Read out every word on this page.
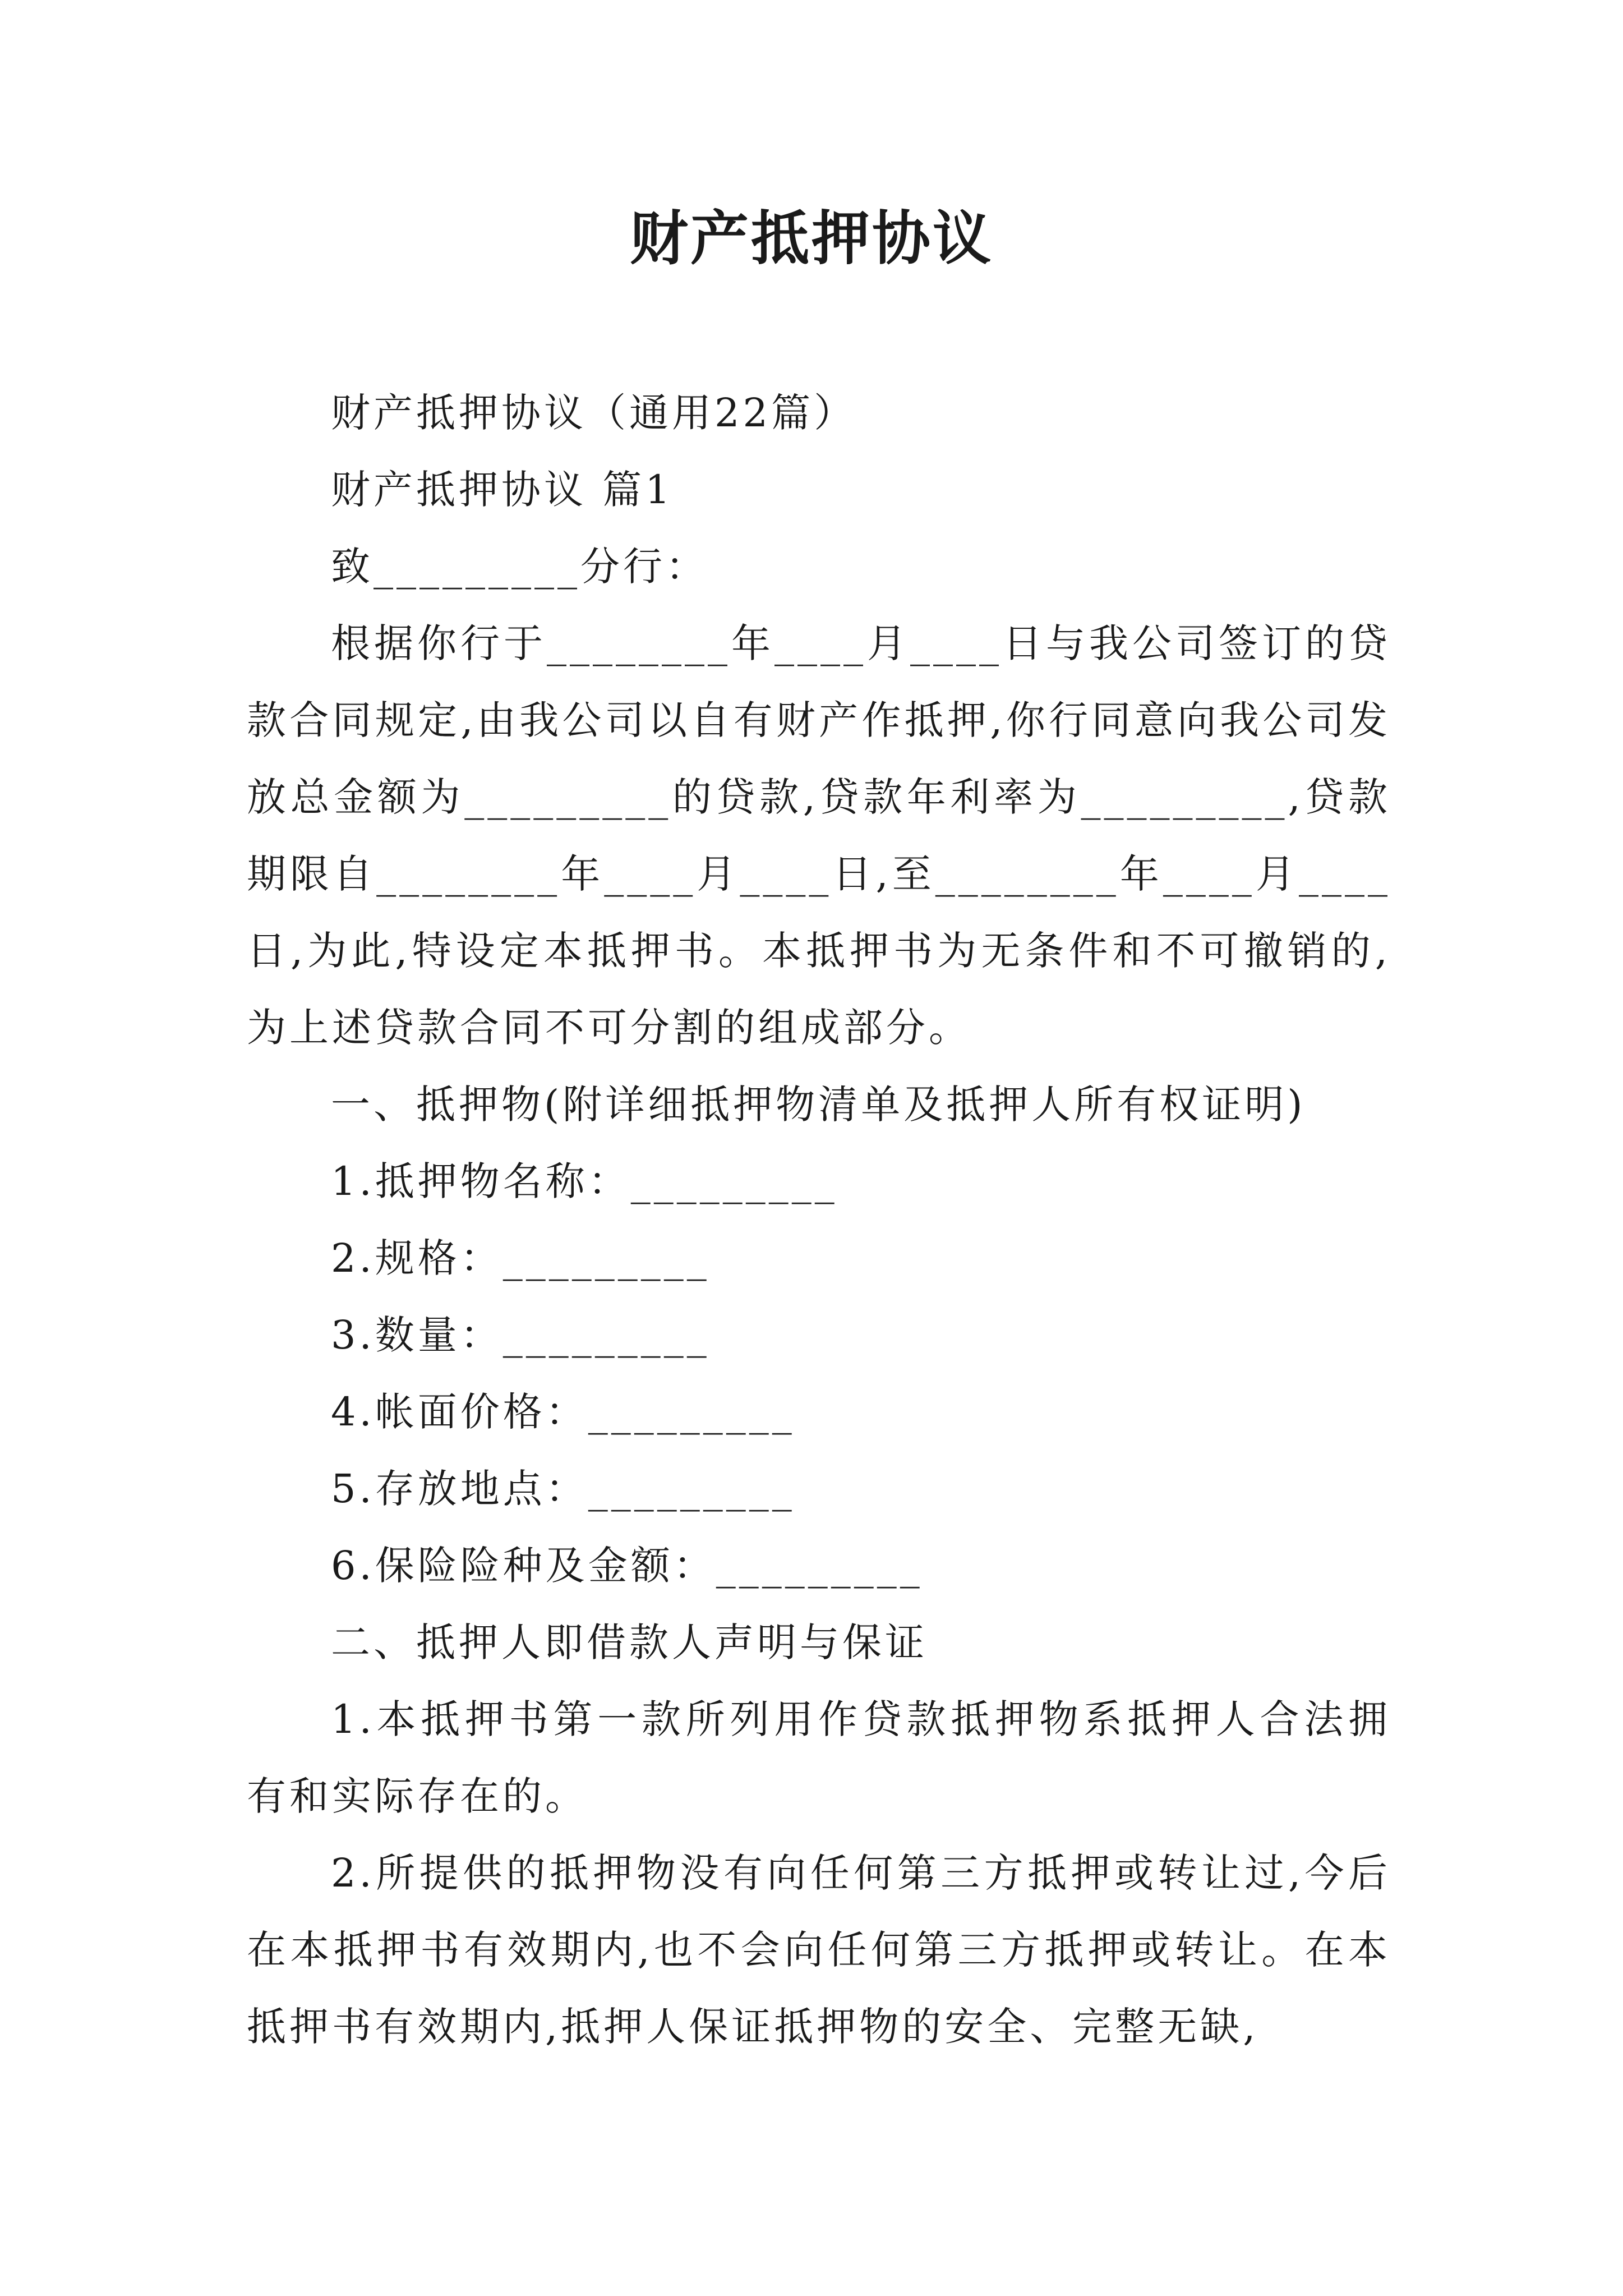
财产抵押协议

财产抵押协议（通用22篇）

财产抵押协议 篇1

致_________分行：

根据你行于________年____月____日与我公司签订的贷款合同规定,由我公司以自有财产作抵押,你行同意向我公司发放总金额为_________的贷款,贷款年利率为_________,贷款期限自________年____月____日,至________年____月____日,为此,特设定本抵押书。本抵押书为无条件和不可撤销的,为上述贷款合同不可分割的组成部分。

一、抵押物(附详细抵押物清单及抵押人所有权证明)

1.抵押物名称：_________

2.规格：_________

3.数量：_________

4.帐面价格：_________

5.存放地点：_________

6.保险险种及金额：_________

二、抵押人即借款人声明与保证

1.本抵押书第一款所列用作贷款抵押物系抵押人合法拥有和实际存在的。

2.所提供的抵押物没有向任何第三方抵押或转让过,今后在本抵押书有效期内,也不会向任何第三方抵押或转让。在本抵押书有效期内,抵押人保证抵押物的安全、完整无缺,
